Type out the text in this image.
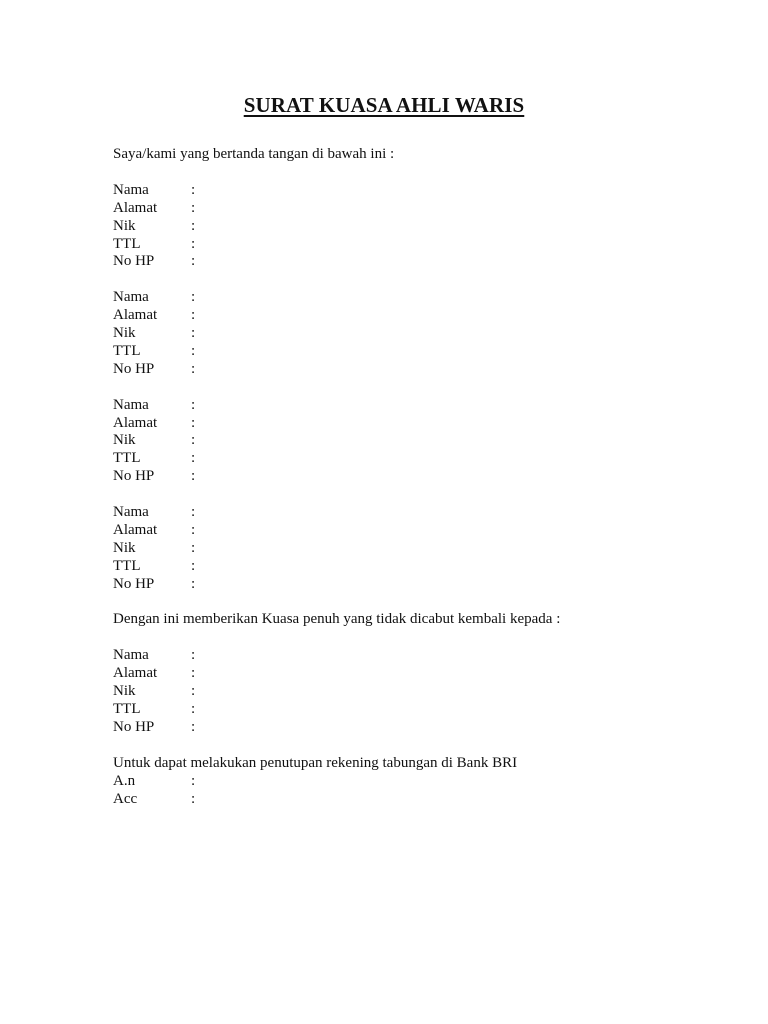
SURAT KUASA AHLI WARIS
Saya/kami yang bertanda tangan di bawah ini :
Nama	:
Alamat	:
Nik	:
TTL	:
No HP	:
Nama	:
Alamat	:
Nik	:
TTL	:
No HP	:
Nama	:
Alamat	:
Nik	:
TTL	:
No HP	:
Nama	:
Alamat	:
Nik	:
TTL	:
No HP	:
Dengan ini memberikan Kuasa penuh yang tidak dicabut kembali kepada :
Nama	:
Alamat	:
Nik	:
TTL	:
No HP	:
Untuk dapat melakukan penutupan rekening tabungan di Bank BRI
A.n	:
Acc	:
